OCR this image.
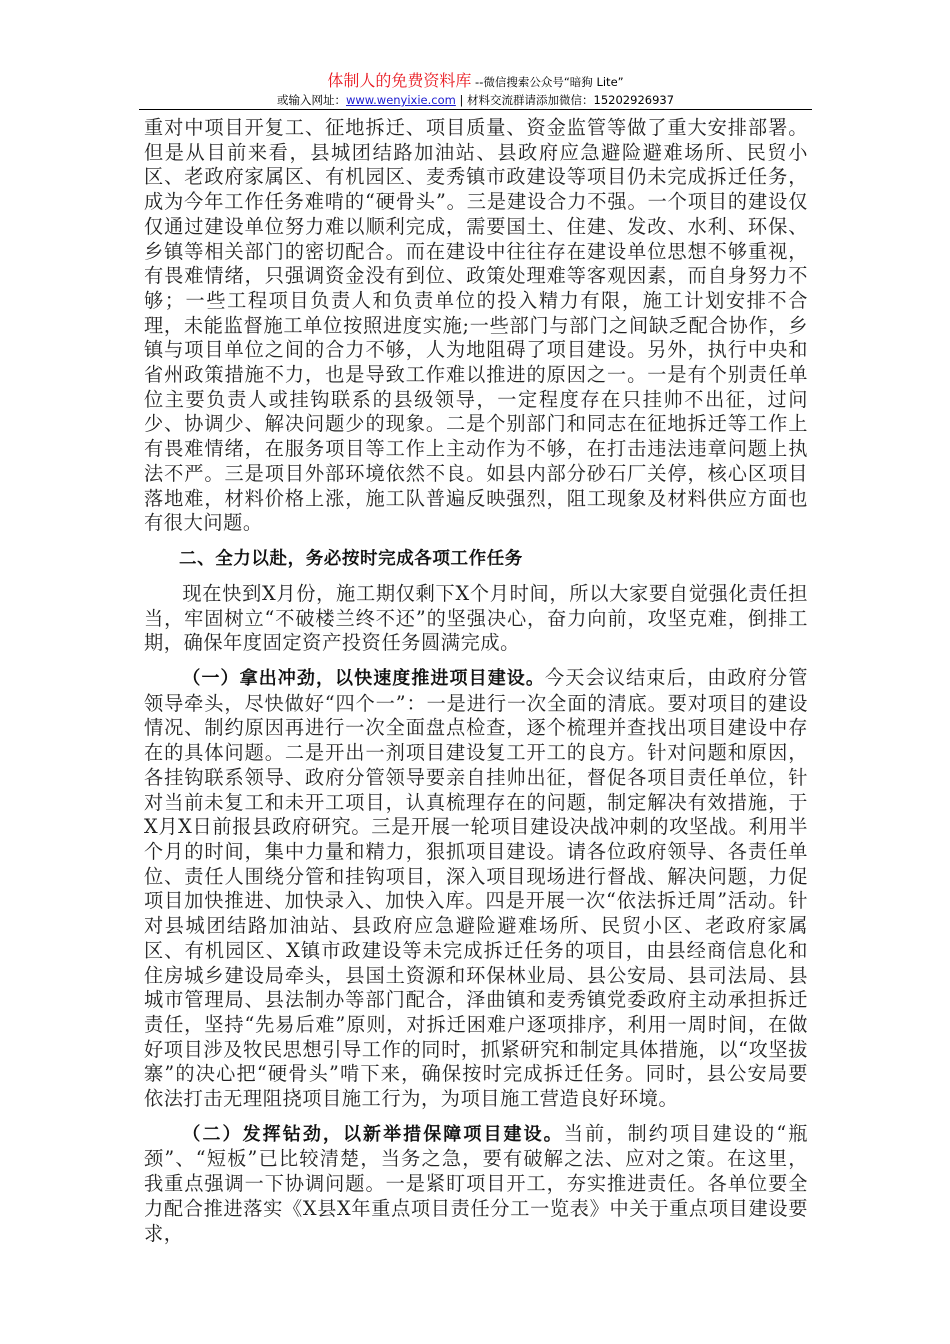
体制人的免费资料库 --微信搜索公众号“暗狗 Lite”
或输入网址：www.wenyixie.com | 材料交流群请添加微信：15202926937

重对中项目开复工、征地拆迁、项目质量、资金监管等做了重大安排部署。但是从目前来看，县城团结路加油站、县政府应急避险避难场所、民贸小区、老政府家属区、有机园区、麦秀镇市政建设等项目仍未完成拆迁任务，成为今年工作任务难啃的“硬骨头”。三是建设合力不强。一个项目的建设仅仅通过建设单位努力难以顺利完成，需要国土、住建、发改、水利、环保、乡镇等相关部门的密切配合。而在建设中往往存在建设单位思想不够重视，有畏难情绪，只强调资金没有到位、政策处理难等客观因素，而自身努力不够；一些工程项目负责人和负责单位的投入精力有限，施工计划安排不合理，未能监督施工单位按照进度实施;一些部门与部门之间缺乏配合协作，乡镇与项目单位之间的合力不够，人为地阻碍了项目建设。另外，执行中央和省州政策措施不力，也是导致工作难以推进的原因之一。一是有个别责任单位主要负责人或挂钩联系的县级领导，一定程度存在只挂帅不出征，过问少、协调少、解决问题少的现象。二是个别部门和同志在征地拆迁等工作上有畏难情绪，在服务项目等工作上主动作为不够，在打击违法违章问题上执法不严。三是项目外部环境依然不良。如县内部分砂石厂关停，核心区项目落地难，材料价格上涨，施工队普遍反映强烈，阻工现象及材料供应方面也有很大问题。

二、全力以赴，务必按时完成各项工作任务

现在快到X月份，施工期仅剩下X个月时间，所以大家要自觉强化责任担当，牢固树立“不破楼兰终不还”的坚强决心，奋力向前，攻坚克难，倒排工期，确保年度固定资产投资任务圆满完成。

（一）拿出冲劲，以快速度推进项目建设。今天会议结束后，由政府分管领导牵头，尽快做好“四个一”：一是进行一次全面的清底。要对项目的建设情况、制约原因再进行一次全面盘点检查，逐个梳理并查找出项目建设中存在的具体问题。二是开出一剂项目建设复工开工的良方。针对问题和原因，各挂钩联系领导、政府分管领导要亲自挂帅出征，督促各项目责任单位，针对当前未复工和未开工项目，认真梳理存在的问题，制定解决有效措施，于X月X日前报县政府研究。三是开展一轮项目建设决战冲刺的攻坚战。利用半个月的时间，集中力量和精力，狠抓项目建设。请各位政府领导、各责任单位、责任人围绕分管和挂钩项目，深入项目现场进行督战、解决问题，力促项目加快推进、加快录入、加快入库。四是开展一次“依法拆迁周”活动。针对县城团结路加油站、县政府应急避险避难场所、民贸小区、老政府家属区、有机园区、X镇市政建设等未完成拆迁任务的项目，由县经商信息化和住房城乡建设局牵头，县国土资源和环保林业局、县公安局、县司法局、县城市管理局、县法制办等部门配合，泽曲镇和麦秀镇党委政府主动承担拆迁责任，坚持“先易后难”原则，对拆迁困难户逐项排序，利用一周时间，在做好项目涉及牧民思想引导工作的同时，抓紧研究和制定具体措施，以“攻坚拔寨”的决心把“硬骨头”啃下来，确保按时完成拆迁任务。同时，县公安局要依法打击无理阻挠项目施工行为，为项目施工营造良好环境。

（二）发挥钻劲，以新举措保障项目建设。当前，制约项目建设的“瓶颈”、“短板”已比较清楚，当务之急，要有破解之法、应对之策。在这里，我重点强调一下协调问题。一是紧盯项目开工，夯实推进责任。各单位要全力配合推进落实《X县X年重点项目责任分工一览表》中关于重点项目建设要求，
